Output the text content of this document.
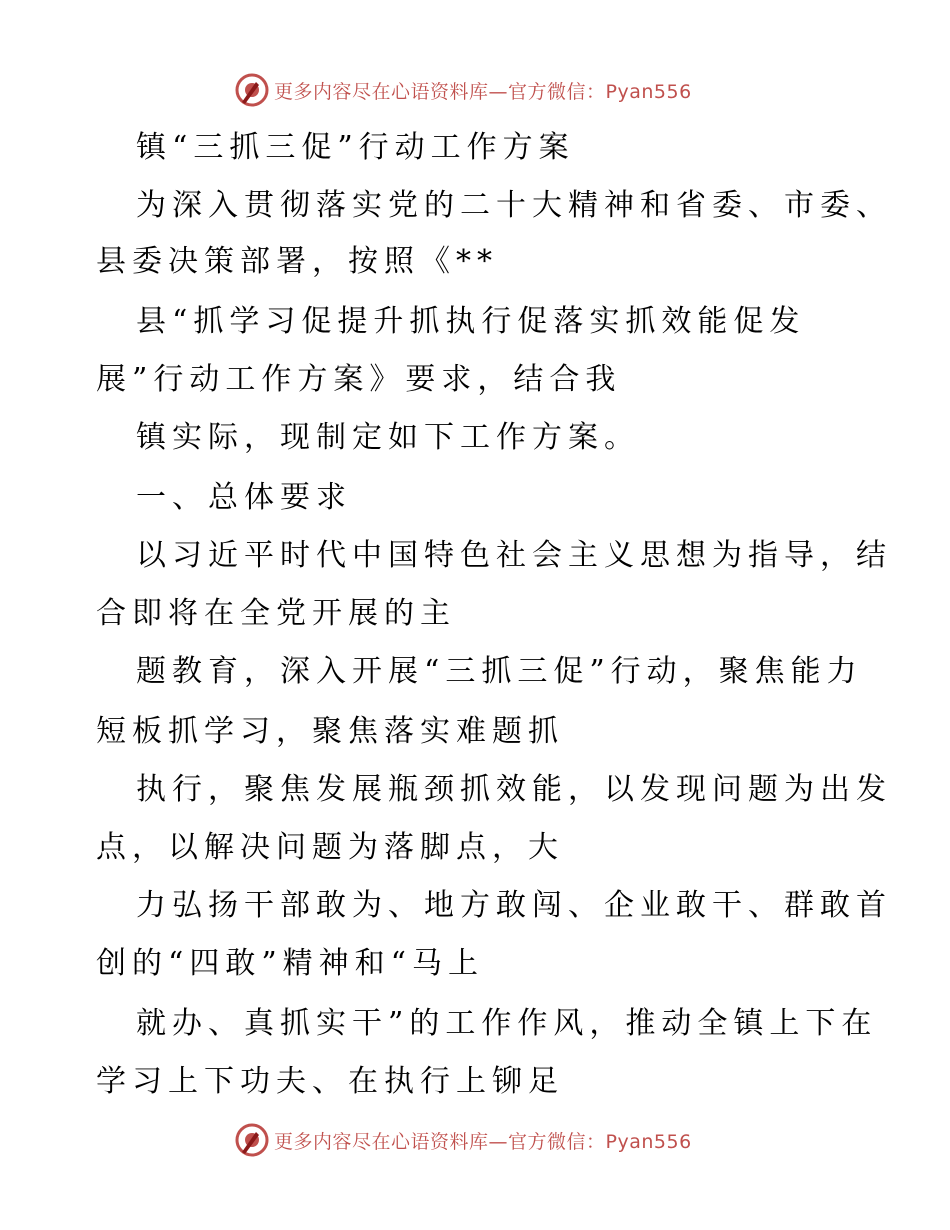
更多内容尽在心语资料库—官方微信：Pyan556
镇“三抓三促”行动工作方案
为深入贯彻落实党的二十大精神和省委、市委、
县委决策部署，按照《**
县“抓学习促提升抓执行促落实抓效能促发
展”行动工作方案》要求，结合我
镇实际，现制定如下工作方案。
一、总体要求
以习近平时代中国特色社会主义思想为指导，结
合即将在全党开展的主
题教育，深入开展“三抓三促”行动，聚焦能力
短板抓学习，聚焦落实难题抓
执行，聚焦发展瓶颈抓效能，以发现问题为出发
点，以解决问题为落脚点，大
力弘扬干部敢为、地方敢闯、企业敢干、群敢首
创的“四敢”精神和“马上
就办、真抓实干”的工作作风，推动全镇上下在
学习上下功夫、在执行上铆足
更多内容尽在心语资料库—官方微信：Pyan556
